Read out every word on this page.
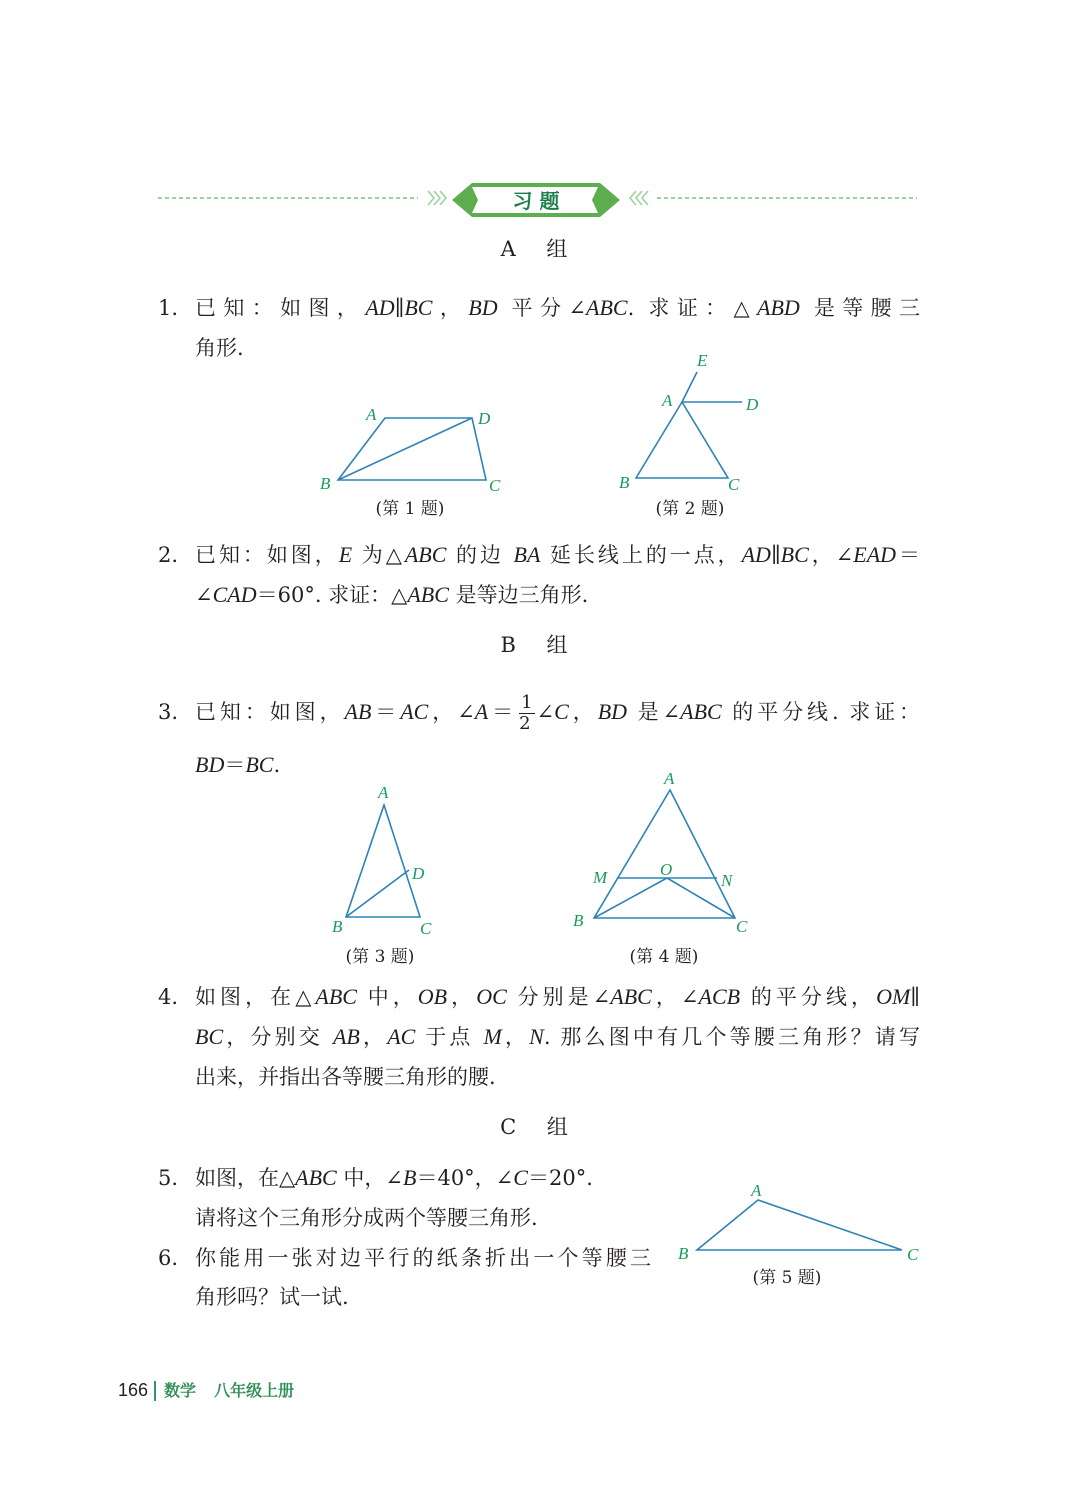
习 题
A	D
B	C
(第 1 题)
E
A	D
B	C
(第 2 题)
A
D
B	C
(第 3 题)
A
M	O
N
B	C
(第 4 题)
A
B	C
(第 5 题)
A 组
1. 已知：如图，AD∥BC，BD 平分∠ABC. 求证：△ABD 是等腰三
角形.
2. 已知：如图，E 为△ABC 的边 BA 延长线上的一点，AD∥BC，∠EAD＝
∠CAD＝60°. 求证：△ABC 是等边三角形.
B 组
3. 已知：如图，AB＝AC，∠A＝ $\frac{1}{2}$ ∠C，BD 是∠ABC 的平分线. 求证：
BD＝BC.
4. 如图，在△ABC 中，OB，OC 分别是∠ABC，∠ACB 的平分线，OM∥
BC，分别交 AB，AC 于点 M，N. 那么图中有几个等腰三角形？请写
出来，并指出各等腰三角形的腰.
C 组
5. 如图，在△ABC 中，∠B＝40°，∠C＝20°.
请将这个三角形分成两个等腰三角形.
6. 你能用一张对边平行的纸条折出一个等腰三
角形吗？试一试.
166 数学 八年级上册
